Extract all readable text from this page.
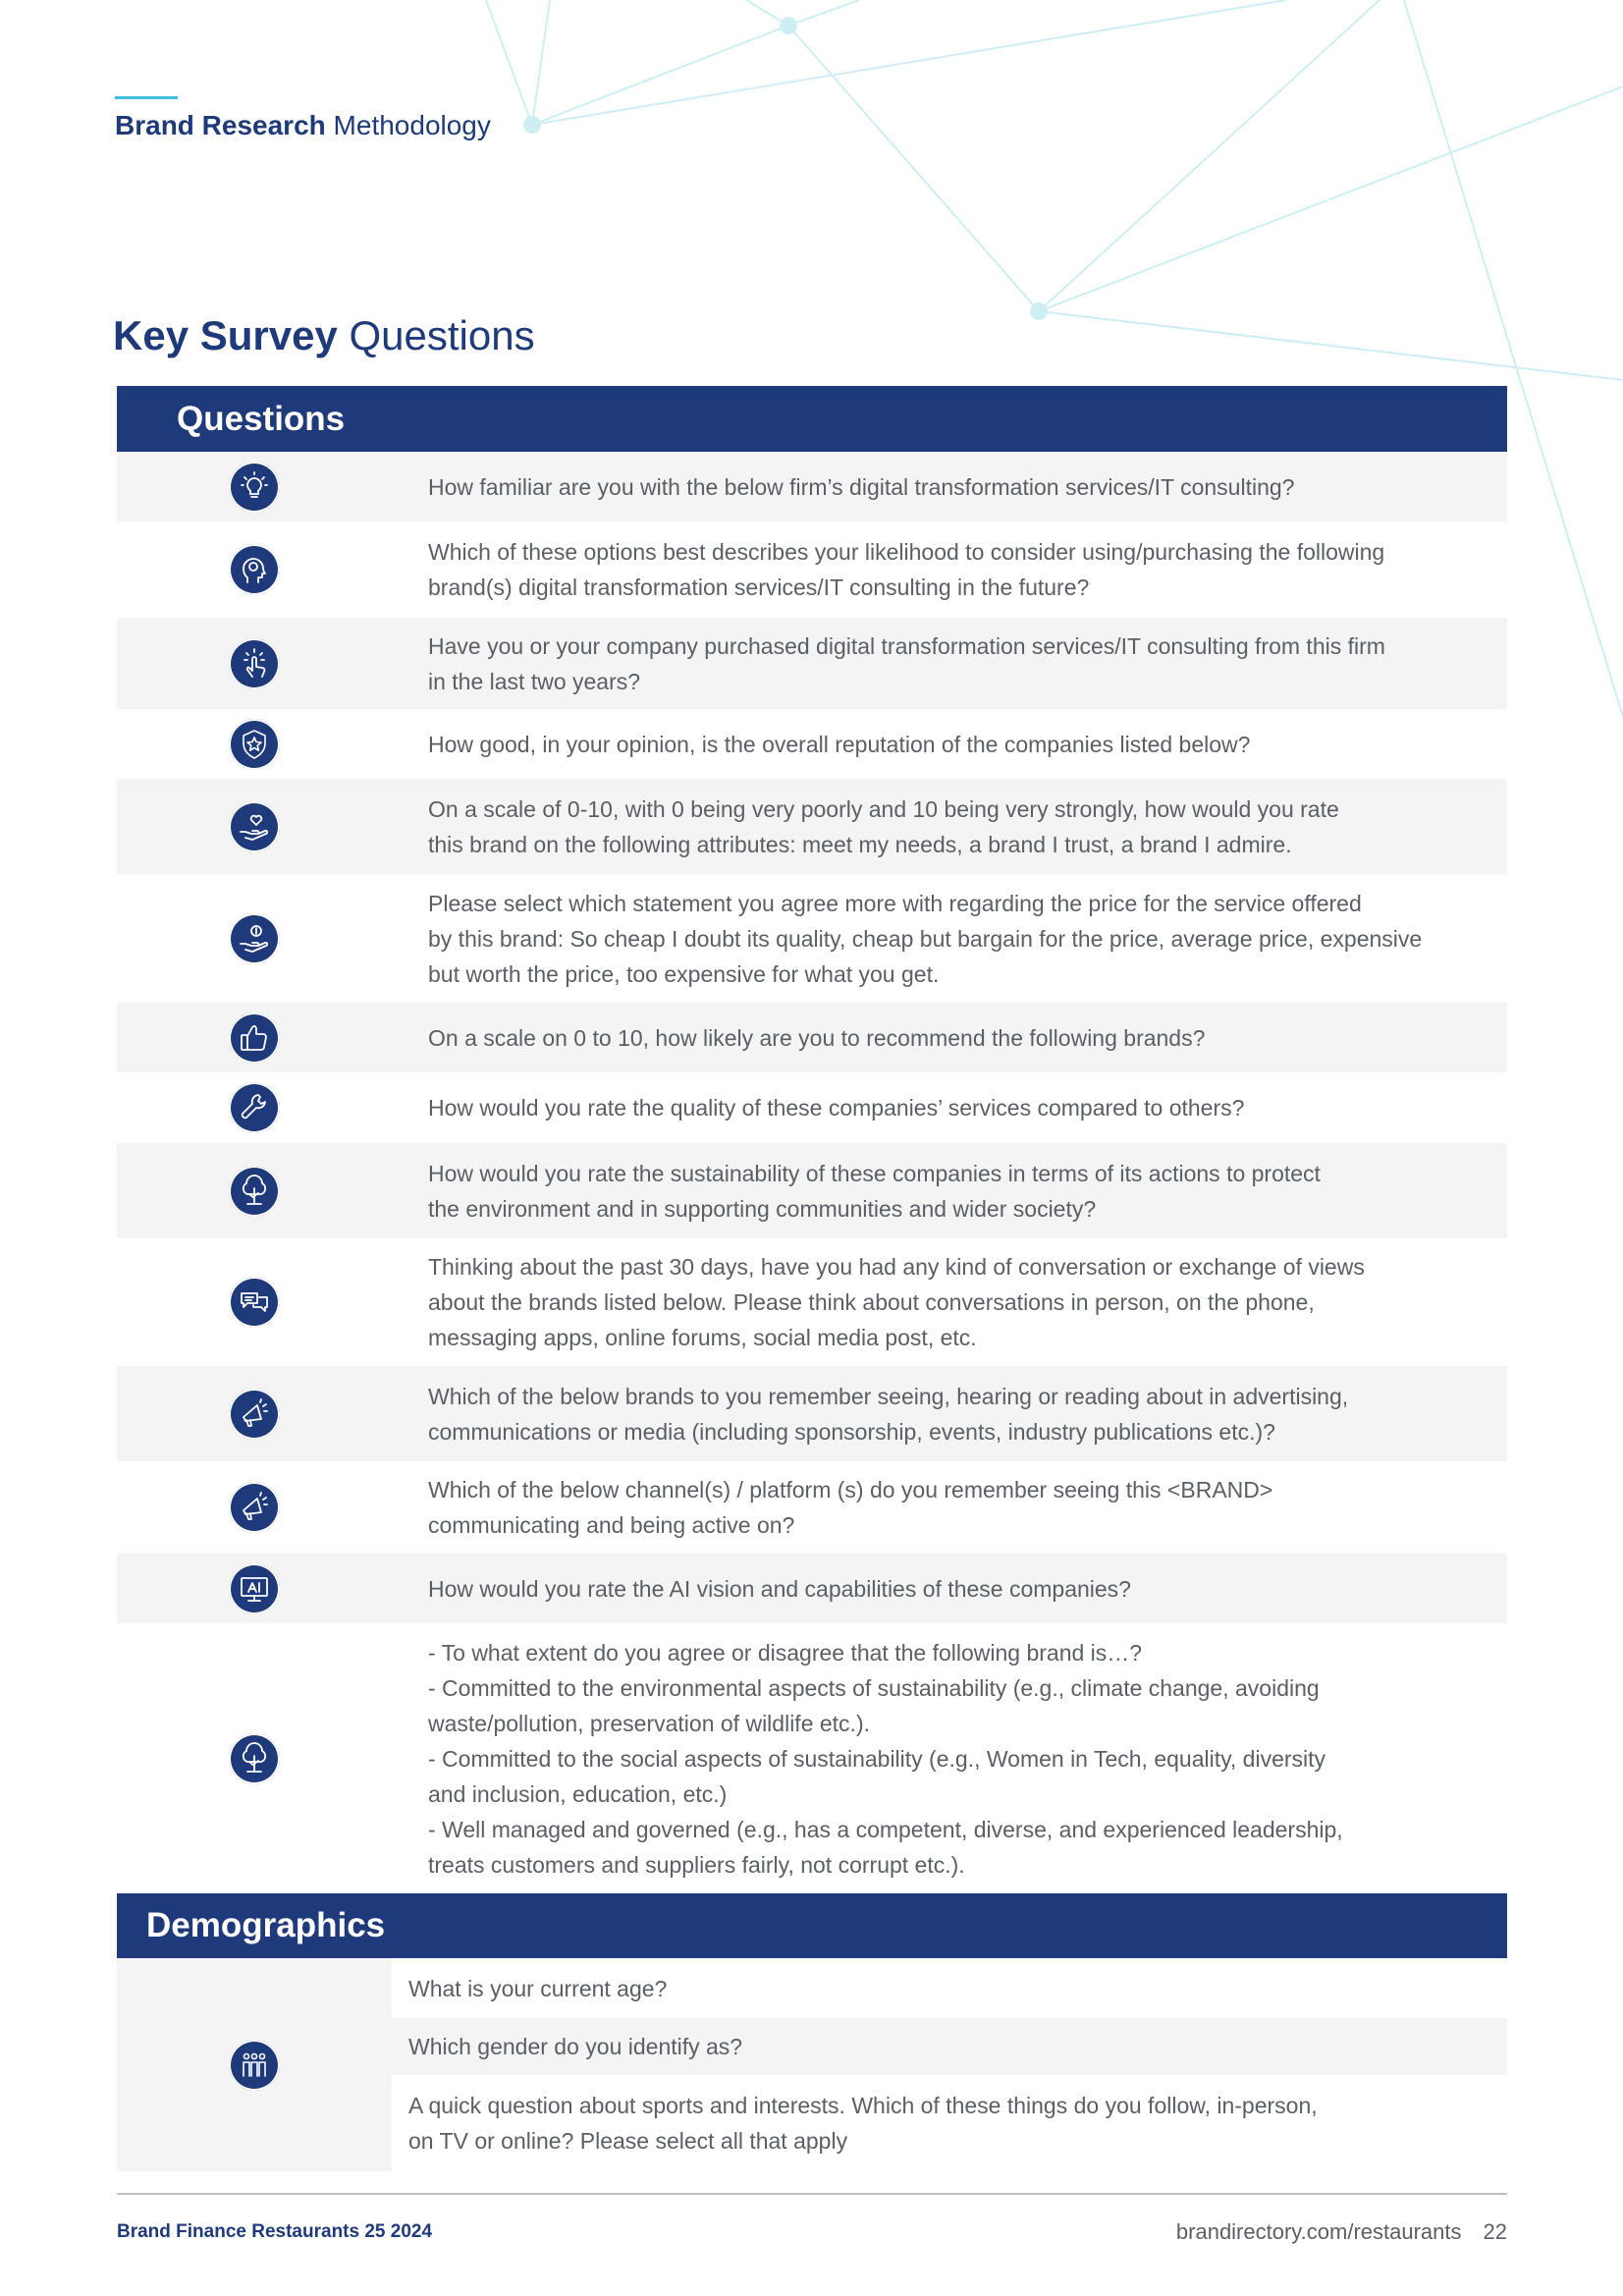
Brand Research Methodology
Key Survey Questions
Questions
How familiar are you with the below firm’s digital transformation services/IT consulting?
Which of these options best describes your likelihood to consider using/purchasing the following
brand(s) digital transformation services/IT consulting in the future?
Have you or your company purchased digital transformation services/IT consulting from this firm
in the last two years?
How good, in your opinion, is the overall reputation of the companies listed below?
On a scale of 0-10, with 0 being very poorly and 10 being very strongly, how would you rate
this brand on the following attributes: meet my needs, a brand I trust, a brand I admire.
Please select which statement you agree more with regarding the price for the service offered
by this brand: So cheap I doubt its quality, cheap but bargain for the price, average price, expensive
but worth the price, too expensive for what you get.
On a scale on 0 to 10, how likely are you to recommend the following brands?
How would you rate the quality of these companies’ services compared to others?
How would you rate the sustainability of these companies in terms of its actions to protect
the environment and in supporting communities and wider society?
Thinking about the past 30 days, have you had any kind of conversation or exchange of views
about the brands listed below. Please think about conversations in person, on the phone,
messaging apps, online forums, social media post, etc.
Which of the below brands to you remember seeing, hearing or reading about in advertising,
communications or media (including sponsorship, events, industry publications etc.)?
Which of the below channel(s) / platform (s) do you remember seeing this <BRAND>
communicating and being active on?
How would you rate the AI vision and capabilities of these companies?
- To what extent do you agree or disagree that the following brand is…?
- Committed to the environmental aspects of sustainability (e.g., climate change, avoiding
waste/pollution, preservation of wildlife etc.).
- Committed to the social aspects of sustainability (e.g., Women in Tech, equality, diversity
and inclusion, education, etc.)
- Well managed and governed (e.g., has a competent, diverse, and experienced leadership,
treats customers and suppliers fairly, not corrupt etc.).
Demographics
What is your current age?
Which gender do you identify as?
A quick question about sports and interests. Which of these things do you follow, in-person,
on TV or online? Please select all that apply
Brand Finance Restaurants 25 2024	brandirectory.com/restaurants 22
